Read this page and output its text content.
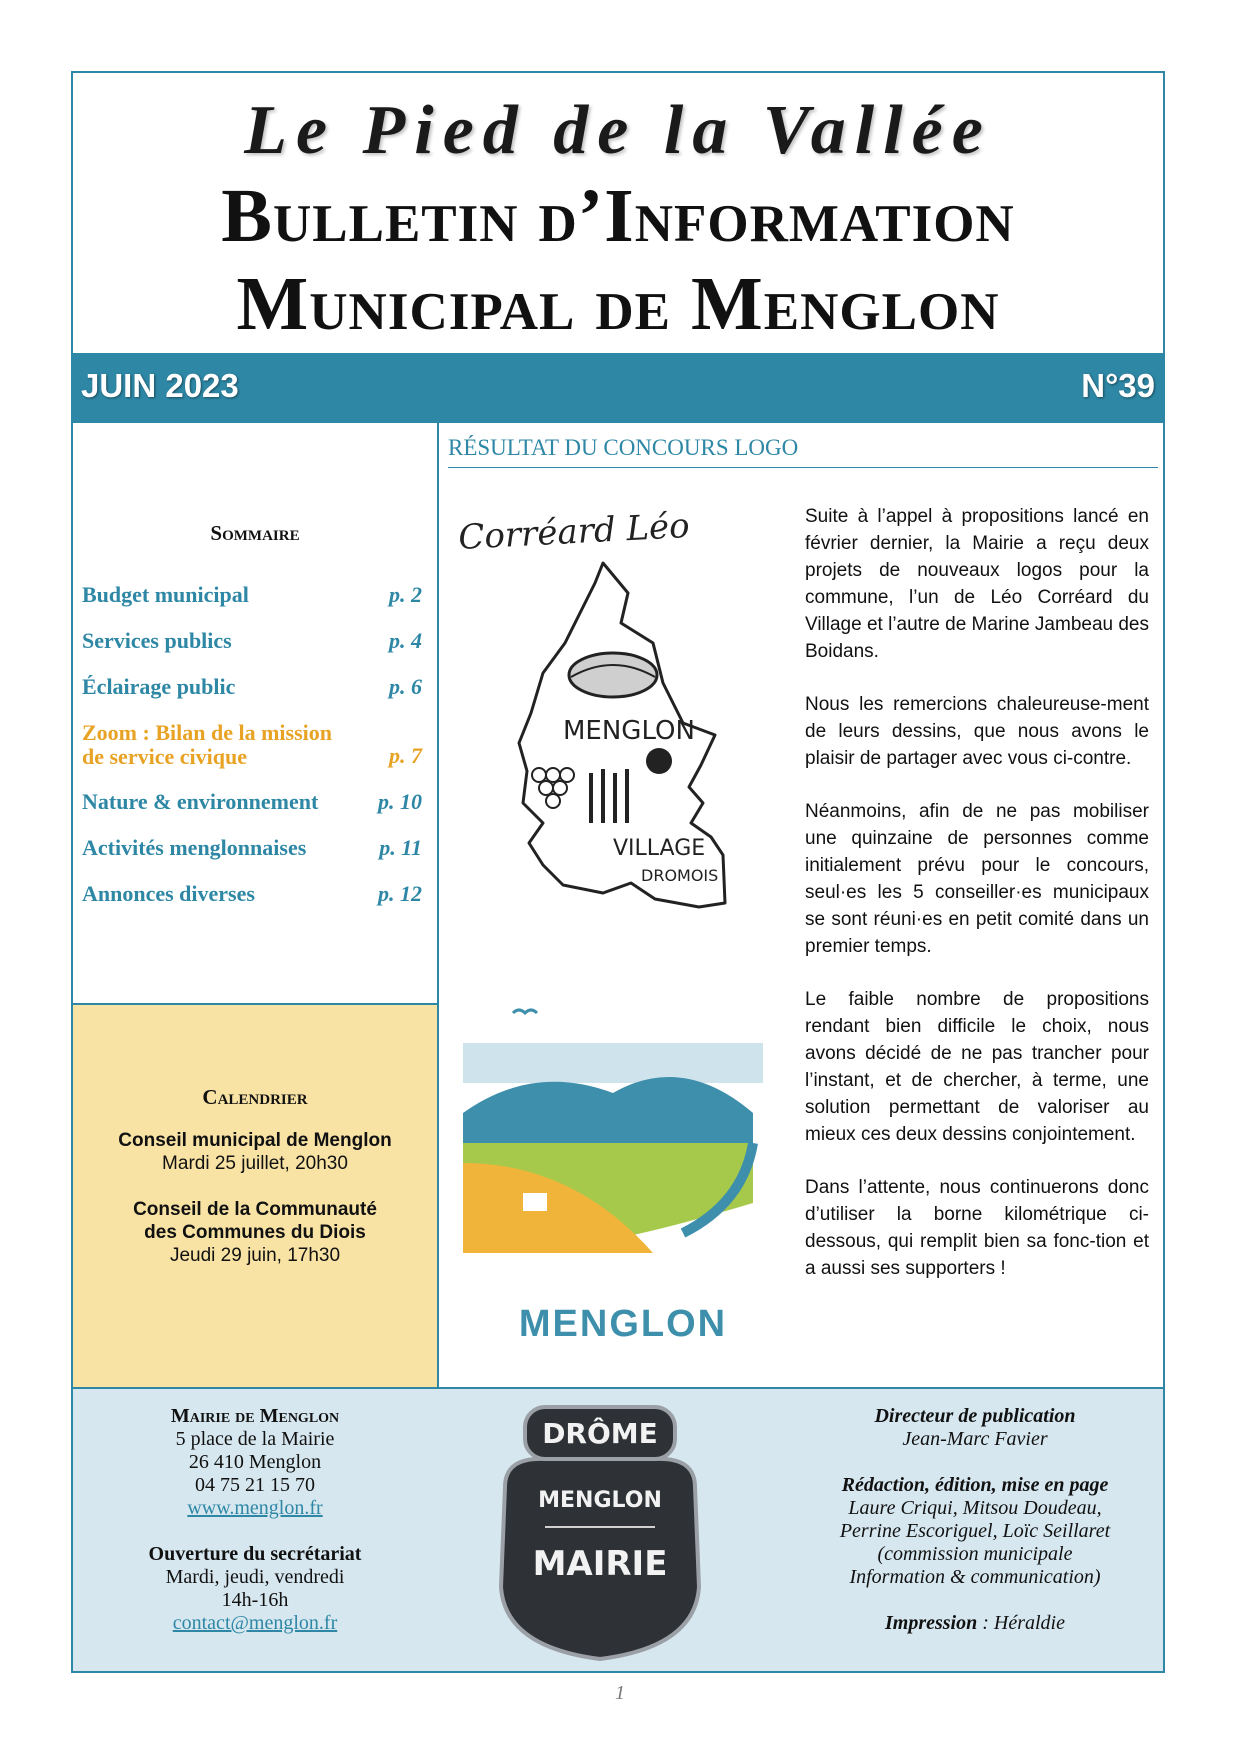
Le Pied de la Vallée
Bulletin d’Information
Municipal de Menglon
JUIN 2023	N°39
Sommaire
Budget municipal	p. 2
Services publics	p. 4
Éclairage public	p. 6
Zoom : Bilan de la mission
de service civique	p. 7
Nature & environnement	p. 10
Activités menglonnaises	p. 11
Annonces diverses	p. 12
Calendrier
Conseil municipal de Menglon
Mardi 25 juillet, 20h30
Conseil de la Communauté
des Communes du Diois
Jeudi 29 juin, 17h30
RÉSULTAT DU CONCOURS LOGO
Corréard Léo
MENGLON
VILLAGE
DROMOIS
MENGLON

Suite à l’appel à propositions lancé en février dernier, la Mairie a reçu deux projets de nouveaux logos pour la commune, l’un de Léo Corréard du Village et l’autre de Marine Jambeau des Boidans.

Nous les remercions chaleureuse-ment de leurs dessins, que nous avons le plaisir de partager avec vous ci-contre.

Néanmoins, afin de ne pas mobiliser une quinzaine de personnes comme initialement prévu pour le concours, seul·es les 5 conseiller·es municipaux se sont réuni·es en petit comité dans un premier temps.

Le faible nombre de propositions rendant bien difficile le choix, nous avons décidé de ne pas trancher pour l’instant, et de chercher, à terme, une solution permettant de valoriser au mieux ces deux dessins conjointement.

Dans l’attente, nous continuerons donc d’utiliser la borne kilométrique ci-dessous, qui remplit bien sa fonc-tion et a aussi ses supporters !

Mairie de Menglon
5 place de la Mairie
26 410 Menglon
04 75 21 15 70
www.menglon.fr
Ouverture du secrétariat
Mardi, jeudi, vendredi
14h-16h
contact@menglon.fr
DRÔME
MENGLON
MAIRIE
Directeur de publication
Jean-Marc Favier
Rédaction, édition, mise en page
Laure Criqui, Mitsou Doudeau,
Perrine Escoriguel, Loïc Seillaret
(commission municipale
Information & communication)
Impression : Héraldie
1
